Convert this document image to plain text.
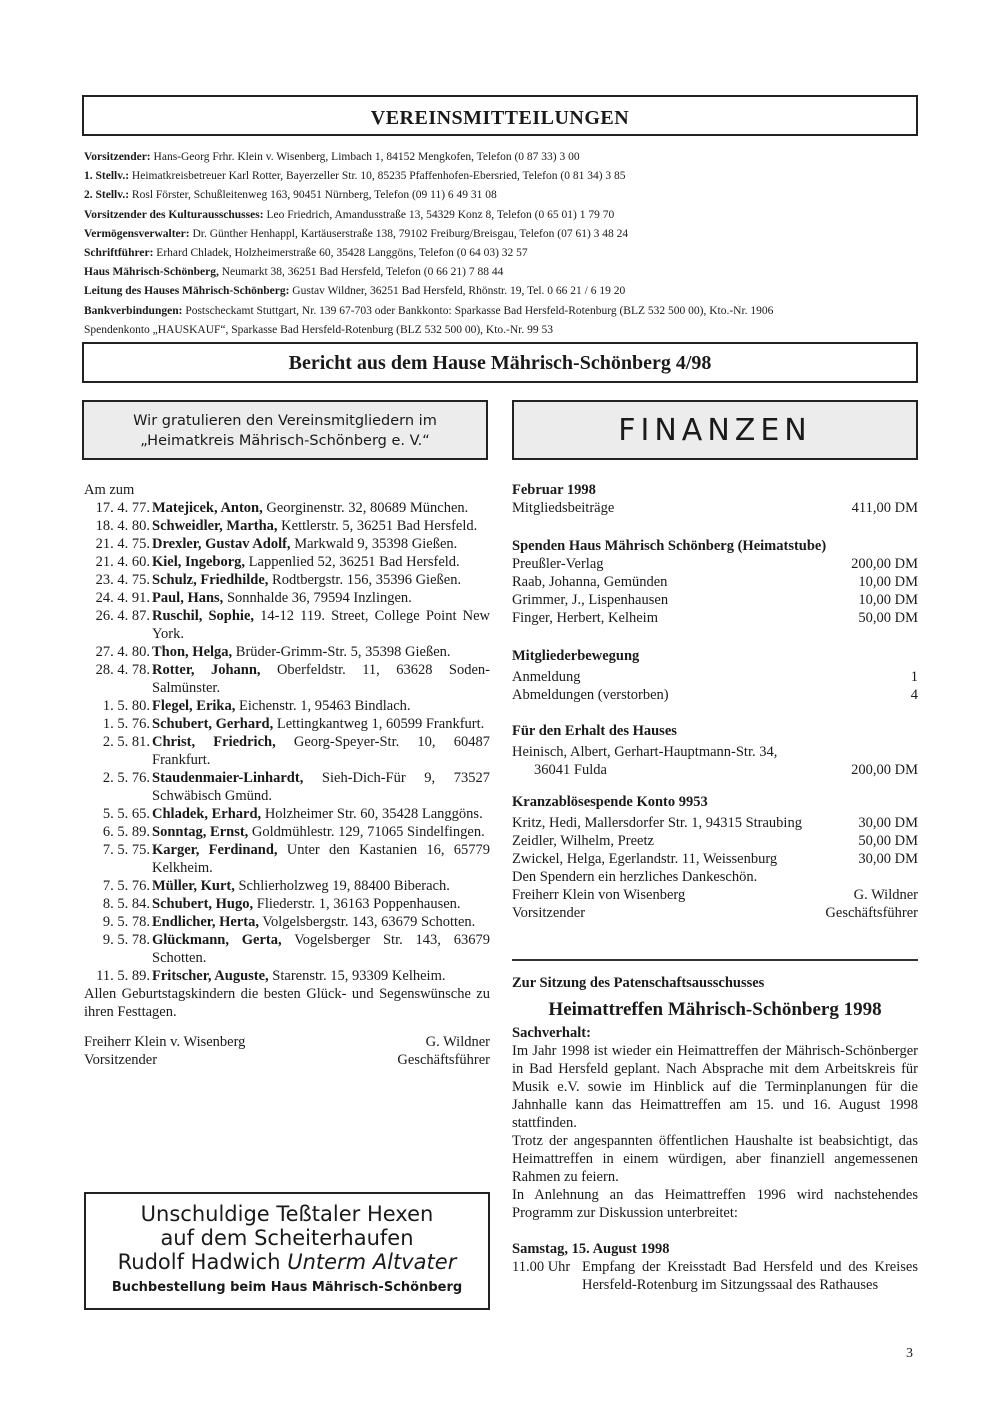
VEREINSMITTEILUNGEN
Vorsitzender: Hans-Georg Frhr. Klein v. Wisenberg, Limbach 1, 84152 Mengkofen, Telefon (0 87 33) 3 00
1. Stellv.: Heimatkreisbetreuer Karl Rotter, Bayerzeller Str. 10, 85235 Pfaffenhofen-Ebersried, Telefon (0 81 34) 3 85
2. Stellv.: Rosl Förster, Schußleitenweg 163, 90451 Nürnberg, Telefon (09 11) 6 49 31 08
Vorsitzender des Kulturausschusses: Leo Friedrich, Amandusstraße 13, 54329 Konz 8, Telefon (0 65 01) 1 79 70
Vermögensverwalter: Dr. Günther Henhappl, Kartäuserstraße 138, 79102 Freiburg/Breisgau, Telefon (07 61) 3 48 24
Schriftführer: Erhard Chladek, Holzheimerstraße 60, 35428 Langgöns, Telefon (0 64 03) 32 57
Haus Mährisch-Schönberg, Neumarkt 38, 36251 Bad Hersfeld, Telefon (0 66 21) 7 88 44
Leitung des Hauses Mährisch-Schönberg: Gustav Wildner, 36251 Bad Hersfeld, Rhönstr. 19, Tel. 0 66 21 / 6 19 20
Bankverbindungen: Postscheckamt Stuttgart, Nr. 139 67-703 oder Bankkonto: Sparkasse Bad Hersfeld-Rotenburg (BLZ 532 500 00), Kto.-Nr. 1906
Spendenkonto „HAUSKAUF“, Sparkasse Bad Hersfeld-Rotenburg (BLZ 532 500 00), Kto.-Nr. 99 53
Bericht aus dem Hause Mährisch-Schönberg 4/98
Wir gratulieren den Vereinsmitgliedern im
„Heimatkreis Mährisch-Schönberg e. V.“	FINANZEN
Am zum
17. 4. 77. Matejicek, Anton, Georginenstr. 32, 80689 München.
18. 4. 80. Schweidler, Martha, Kettlerstr. 5, 36251 Bad Hersfeld.
21. 4. 75. Drexler, Gustav Adolf, Markwald 9, 35398 Gießen.
21. 4. 60. Kiel, Ingeborg, Lappenlied 52, 36251 Bad Hersfeld.
23. 4. 75. Schulz, Friedhilde, Rodtbergstr. 156, 35396 Gießen.
24. 4. 91. Paul, Hans, Sonnhalde 36, 79594 Inzlingen.
26. 4. 87. Ruschil, Sophie, 14-12 119. Street, College Point New York.
27. 4. 80. Thon, Helga, Brüder-Grimm-Str. 5, 35398 Gießen.
28. 4. 78. Rotter, Johann, Oberfeldstr. 11, 63628 Soden-Salmünster.
1. 5. 80. Flegel, Erika, Eichenstr. 1, 95463 Bindlach.
1. 5. 76. Schubert, Gerhard, Lettingkantweg 1, 60599 Frankfurt.
2. 5. 81. Christ, Friedrich, Georg-Speyer-Str. 10, 60487 Frankfurt.
2. 5. 76. Staudenmaier-Linhardt, Sieh-Dich-Für 9, 73527 Schwäbisch Gmünd.
5. 5. 65. Chladek, Erhard, Holzheimer Str. 60, 35428 Langgöns.
6. 5. 89. Sonntag, Ernst, Goldmühlestr. 129, 71065 Sindelfingen.
7. 5. 75. Karger, Ferdinand, Unter den Kastanien 16, 65779 Kelkheim.
7. 5. 76. Müller, Kurt, Schlierholzweg 19, 88400 Biberach.
8. 5. 84. Schubert, Hugo, Fliederstr. 1, 36163 Poppenhausen.
9. 5. 78. Endlicher, Herta, Volgelsbergstr. 143, 63679 Schotten.
9. 5. 78. Glückmann, Gerta, Vogelsberger Str. 143, 63679 Schotten.
11. 5. 89. Fritscher, Auguste, Starenstr. 15, 93309 Kelheim.
Allen Geburtstagskindern die besten Glück- und Segenswünsche zu ihren Festtagen.
Freiherr Klein v. Wisenberg	G. Wildner
Vorsitzender	Geschäftsführer
Unschuldige Teßtaler Hexen
auf dem Scheiterhaufen
Rudolf Hadwich Unterm Altvater
Buchbestellung beim Haus Mährisch-Schönberg
Februar 1998
Mitgliedsbeiträge	411,00 DM
Spenden Haus Mährisch Schönberg (Heimatstube)
Preußler-Verlag	200,00 DM
Raab, Johanna, Gemünden	10,00 DM
Grimmer, J., Lispenhausen	10,00 DM
Finger, Herbert, Kelheim	50,00 DM
Mitgliederbewegung
Anmeldung	1
Abmeldungen (verstorben)	4
Für den Erhalt des Hauses
Heinisch, Albert, Gerhart-Hauptmann-Str. 34,
36041 Fulda	200,00 DM
Kranzablösespende Konto 9953
Kritz, Hedi, Mallersdorfer Str. 1, 94315 Straubing	30,00 DM
Zeidler, Wilhelm, Preetz	50,00 DM
Zwickel, Helga, Egerlandstr. 11, Weissenburg	30,00 DM
Den Spendern ein herzliches Dankeschön.
Freiherr Klein von Wisenberg	G. Wildner
Vorsitzender	Geschäftsführer
Zur Sitzung des Patenschaftsausschusses
Heimattreffen Mährisch-Schönberg 1998
Sachverhalt:
Im Jahr 1998 ist wieder ein Heimattreffen der Mährisch-Schönberger in Bad Hersfeld geplant. Nach Absprache mit dem Arbeitskreis für Musik e.V. sowie im Hinblick auf die Terminplanungen für die Jahnhalle kann das Heimattreffen am 15. und 16. August 1998 stattfinden.
Trotz der angespannten öffentlichen Haushalte ist beabsichtigt, das Heimattreffen in einem würdigen, aber finanziell angemessenen Rahmen zu feiern.
In Anlehnung an das Heimattreffen 1996 wird nachstehendes Programm zur Diskussion unterbreitet:
Samstag, 15. August 1998
11.00 Uhr Empfang der Kreisstadt Bad Hersfeld und des Kreises Hersfeld-Rotenburg im Sitzungssaal des Rathauses
3
